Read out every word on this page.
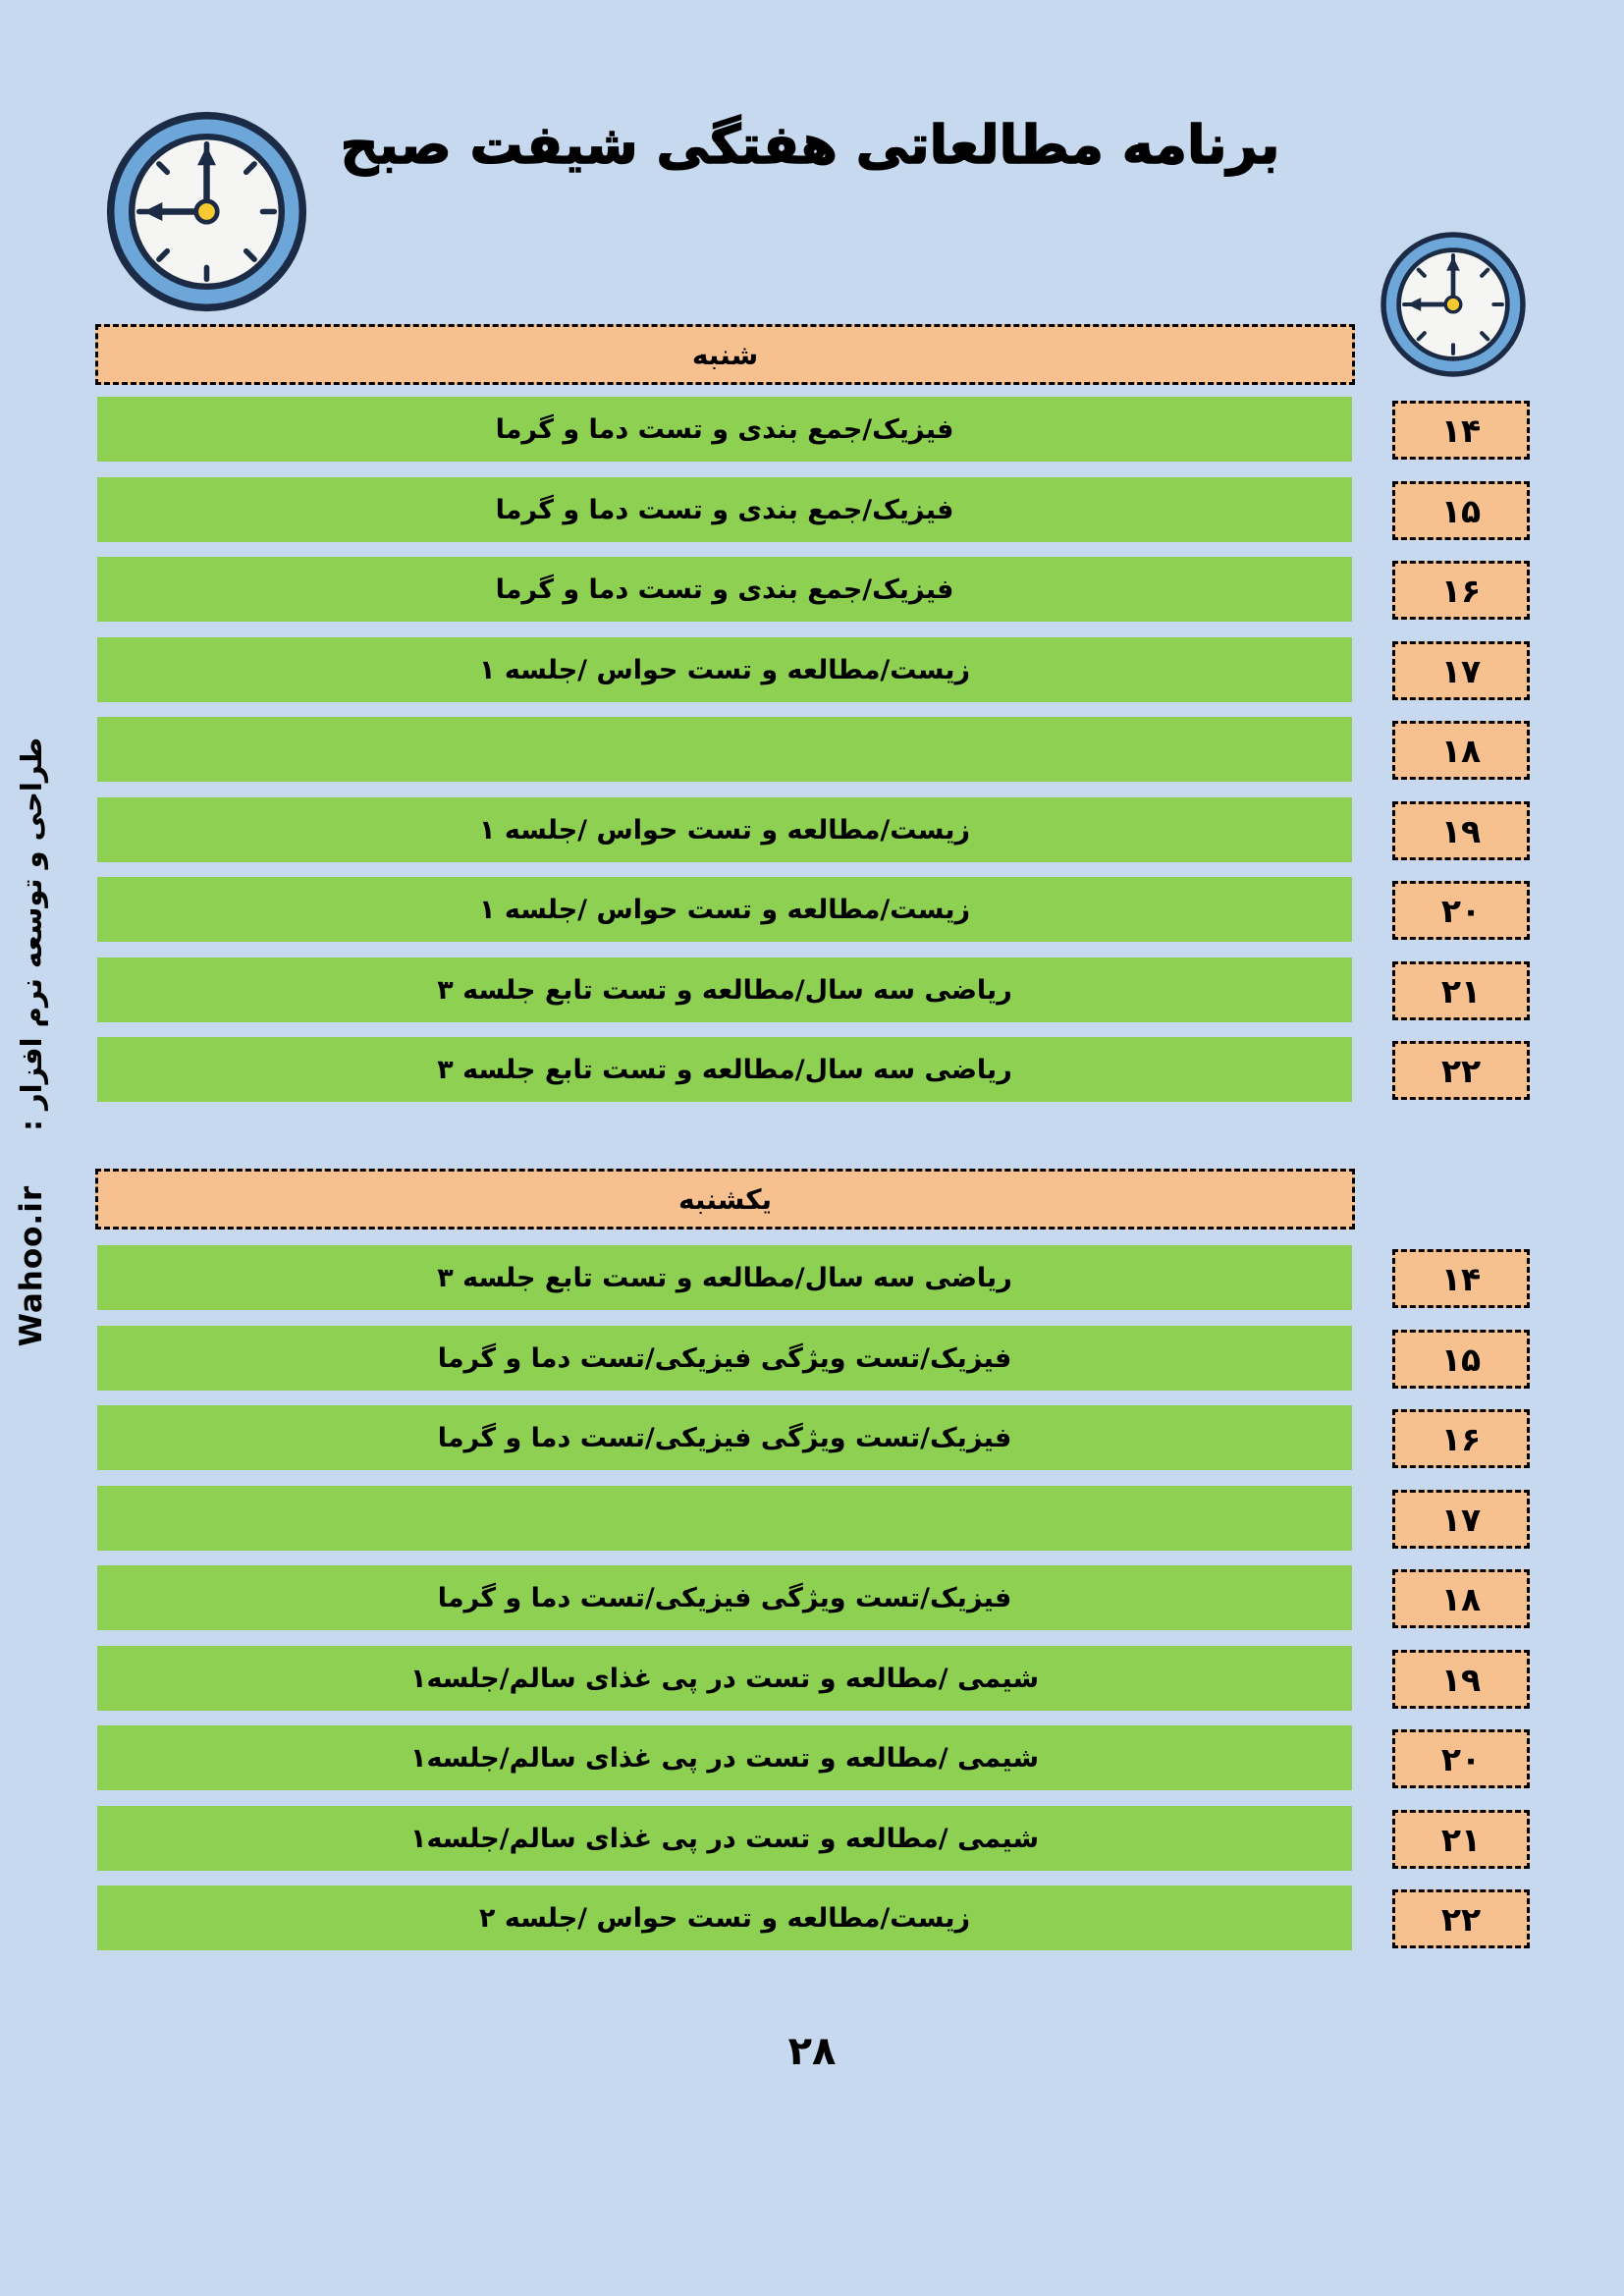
برنامه مطالعاتی هفتگی شیفت صبح
طراحی و توسعه نرم افزار : Wahoo.ir
شنبه
فیزیک/جمع بندی و تست دما و گرما	۱۴
فیزیک/جمع بندی و تست دما و گرما	۱۵
فیزیک/جمع بندی و تست دما و گرما	۱۶
زیست/مطالعه و تست حواس /جلسه ۱	۱۷
۱۸
زیست/مطالعه و تست حواس /جلسه ۱	۱۹
زیست/مطالعه و تست حواس /جلسه ۱	۲۰
ریاضی سه سال/مطالعه و تست تابع جلسه ۳	۲۱
ریاضی سه سال/مطالعه و تست تابع جلسه ۳	۲۲
یکشنبه
ریاضی سه سال/مطالعه و تست تابع جلسه ۳	۱۴
فیزیک/تست ویژگی فیزیکی/تست دما و گرما	۱۵
فیزیک/تست ویژگی فیزیکی/تست دما و گرما	۱۶
۱۷
فیزیک/تست ویژگی فیزیکی/تست دما و گرما	۱۸
شیمی /مطالعه و تست در پی غذای سالم/جلسه۱	۱۹
شیمی /مطالعه و تست در پی غذای سالم/جلسه۱	۲۰
شیمی /مطالعه و تست در پی غذای سالم/جلسه۱	۲۱
زیست/مطالعه و تست حواس /جلسه ۲	۲۲
۲۸
